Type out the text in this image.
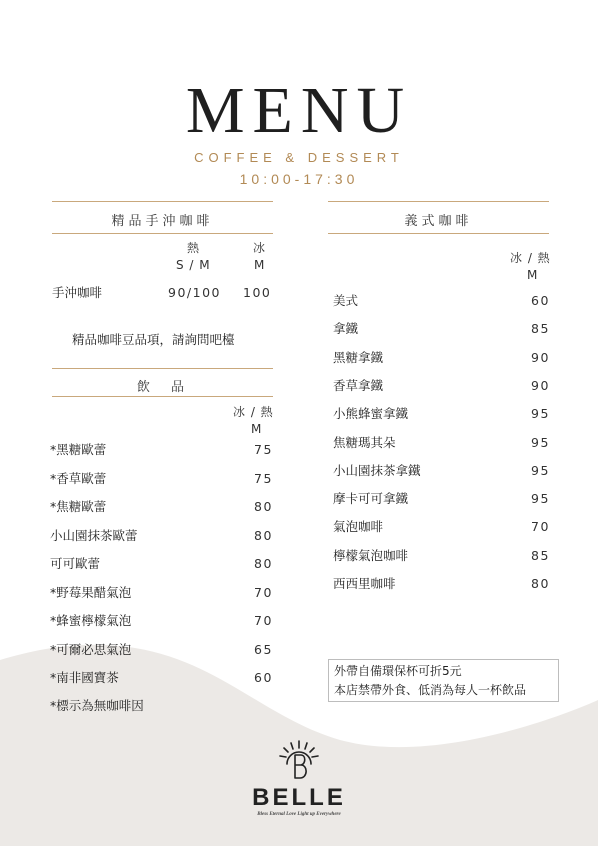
MENU
COFFEE & DESSERT
10:00-17:30
精品手沖咖啡
熱	冰
S / M	M
手沖咖啡	90/100 100
精品咖啡豆品項，請詢問吧檯
飲　品
冰 / 熱
M
*黑糖歐蕾	75
*香草歐蕾	75
*焦糖歐蕾	80
小山園抹茶歐蕾	80
可可歐蕾	80
*野莓果醋氣泡	70
*蜂蜜檸檬氣泡	70
*可爾必思氣泡	65
*南非國寶茶	60
*標示為無咖啡因
義式咖啡
冰 / 熱
M
美式	60
拿鐵	85
黑糖拿鐵	90
香草拿鐵	90
小熊蜂蜜拿鐵	95
焦糖瑪其朵	95
小山園抹茶拿鐵	95
摩卡可可拿鐵	95
氣泡咖啡	70
檸檬氣泡咖啡	85
西西里咖啡	80
外帶自備環保杯可折5元
本店禁帶外食、低消為每人一杯飲品
BELLE
Bless Eternal Love Light up Everywhere
